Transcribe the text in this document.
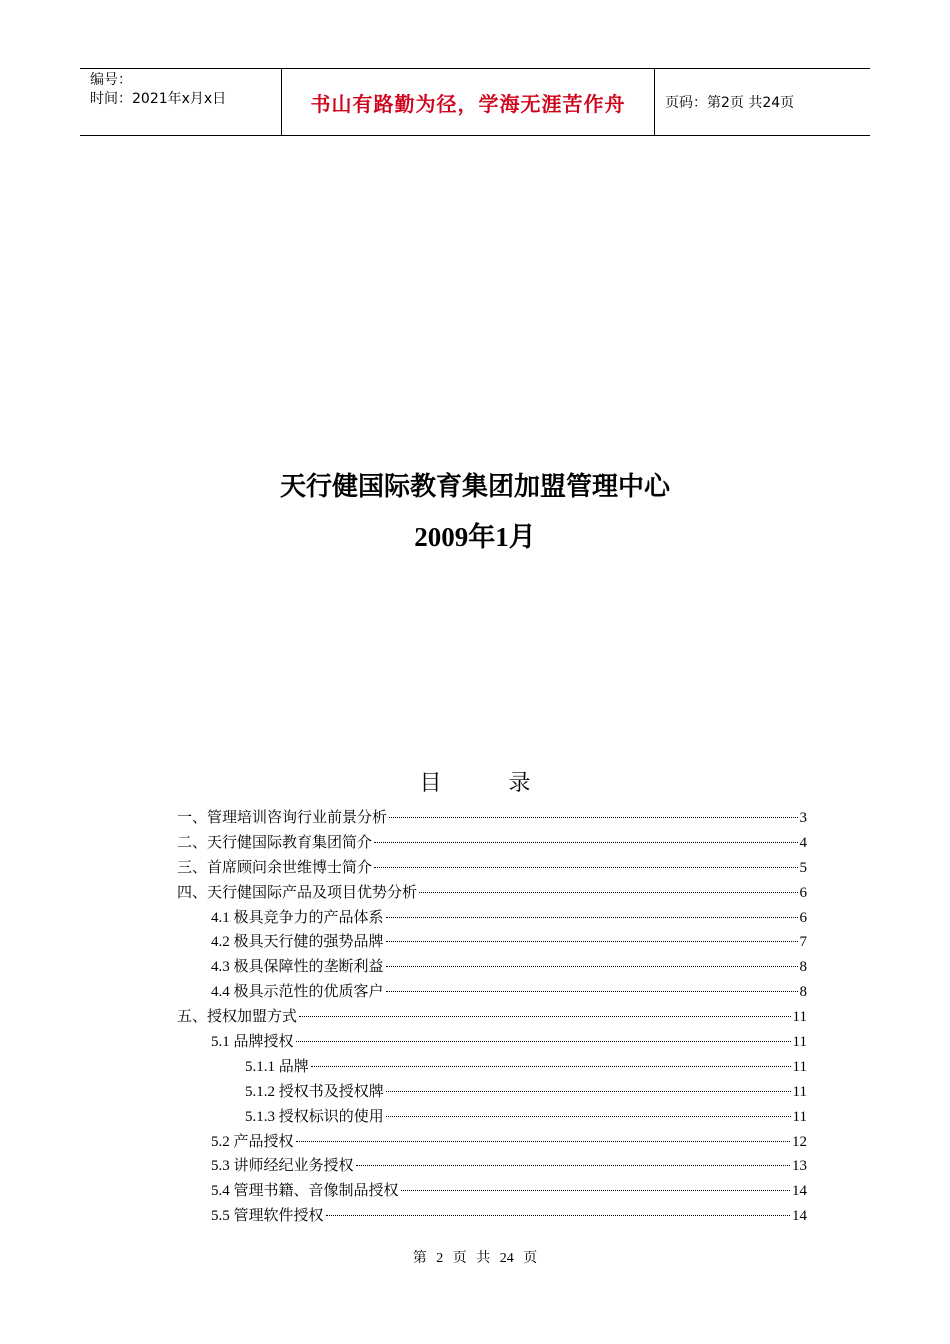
编号：
时间：2021年x月x日	书山有路勤为径，学海无涯苦作舟	页码：第2页 共24页
天行健国际教育集团加盟管理中心
2009年1月
目 录
一、管理培训咨询行业前景分析	3
二、天行健国际教育集团简介	4
三、首席顾问余世维博士简介	5
四、天行健国际产品及项目优势分析	6
4.1 极具竞争力的产品体系	6
4.2 极具天行健的强势品牌	7
4.3 极具保障性的垄断利益	8
4.4 极具示范性的优质客户	8
五、授权加盟方式	11
5.1 品牌授权	11
5.1.1 品牌	11
5.1.2 授权书及授权牌	11
5.1.3 授权标识的使用	11
5.2 产品授权	12
5.3 讲师经纪业务授权	13
5.4 管理书籍、音像制品授权	14
5.5 管理软件授权	14
第 2 页 共 24 页
